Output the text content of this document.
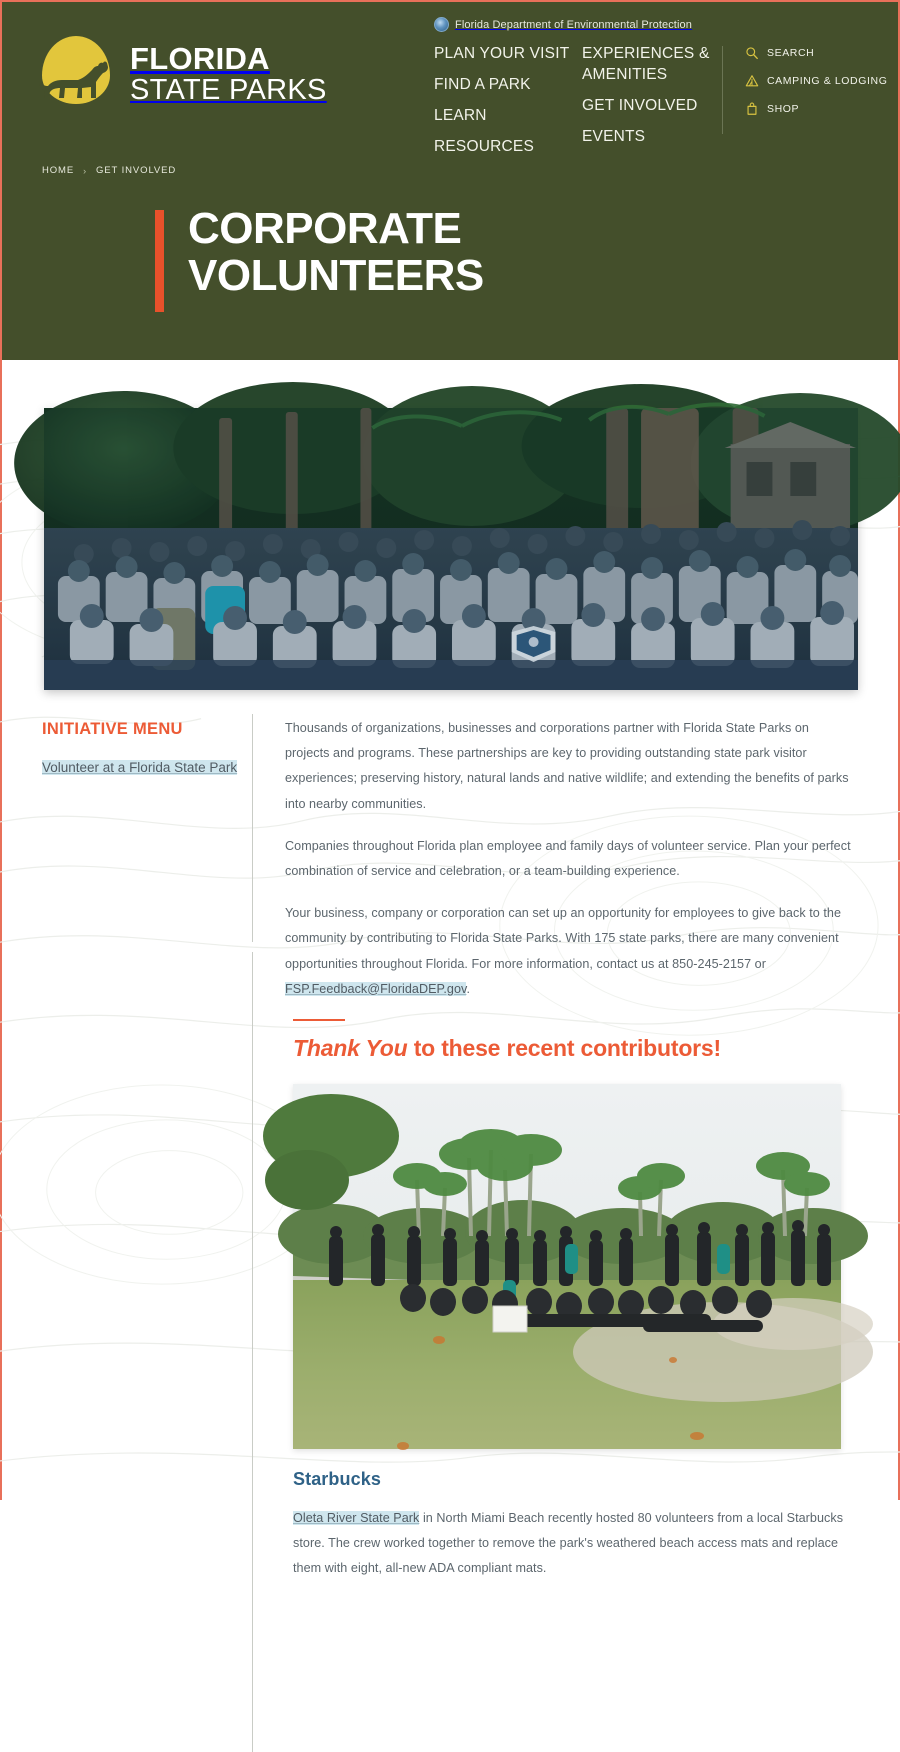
FLORIDA
STATE PARKS
Florida Department of Environmental Protection
PLAN YOUR VISIT
FIND A PARK
LEARN
RESOURCES
EXPERIENCES & AMENITIES
GET INVOLVED
EVENTS
SEARCH
CAMPING & LODGING
SHOP
HOME › GET INVOLVED
CORPORATE
VOLUNTEERS
INITIATIVE MENU
Volunteer at a Florida State Park

Thousands of organizations, businesses and corporations partner with Florida State Parks on projects and programs. These partnerships are key to providing outstanding state park visitor experiences; preserving history, natural lands and native wildlife; and extending the benefits of parks into nearby communities.

Companies throughout Florida plan employee and family days of volunteer service. Plan your perfect combination of service and celebration, or a team-building experience.

Your business, company or corporation can set up an opportunity for employees to give back to the community by contributing to Florida State Parks. With 175 state parks, there are many convenient opportunities throughout Florida. For more information, contact us at 850-245-2157 or FSP.Feedback@FloridaDEP.gov.

Thank You to these recent contributors!
Starbucks

Oleta River State Park in North Miami Beach recently hosted 80 volunteers from a local Starbucks store. The crew worked together to remove the park's weathered beach access mats and replace them with eight, all-new ADA compliant mats.
